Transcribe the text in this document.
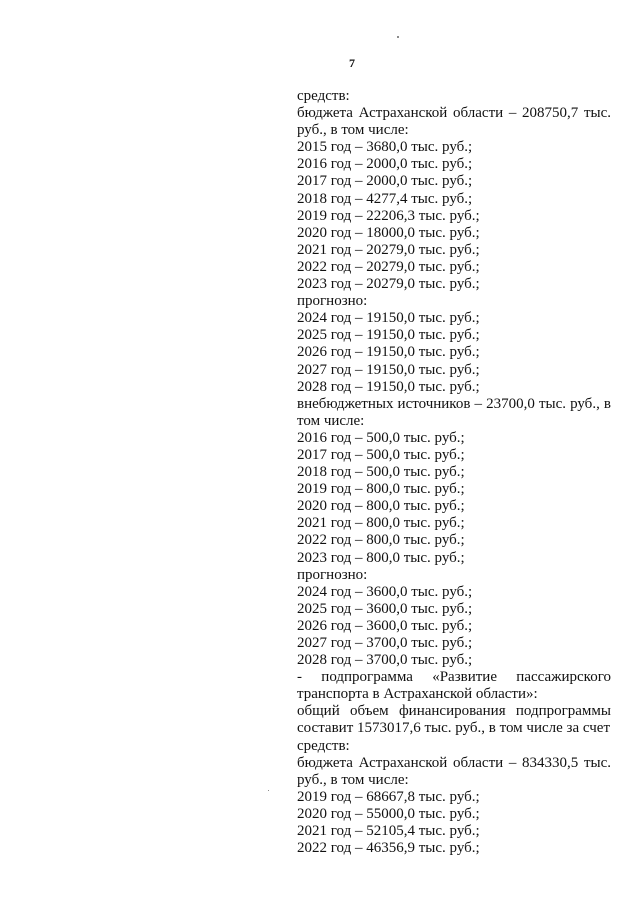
7
средств:
бюджета Астраханской области – 208750,7 тыс.
руб., в том числе:
2015 год – 3680,0 тыс. руб.;
2016 год – 2000,0 тыс. руб.;
2017 год – 2000,0 тыс. руб.;
2018 год – 4277,4 тыс. руб.;
2019 год – 22206,3 тыс. руб.;
2020 год – 18000,0 тыс. руб.;
2021 год – 20279,0 тыс. руб.;
2022 год – 20279,0 тыс. руб.;
2023 год – 20279,0 тыс. руб.;
прогнозно:
2024 год – 19150,0 тыс. руб.;
2025 год – 19150,0 тыс. руб.;
2026 год – 19150,0 тыс. руб.;
2027 год – 19150,0 тыс. руб.;
2028 год – 19150,0 тыс. руб.;
внебюджетных источников – 23700,0 тыс. руб., в
том числе:
2016 год – 500,0 тыс. руб.;
2017 год – 500,0 тыс. руб.;
2018 год – 500,0 тыс. руб.;
2019 год – 800,0 тыс. руб.;
2020 год – 800,0 тыс. руб.;
2021 год – 800,0 тыс. руб.;
2022 год – 800,0 тыс. руб.;
2023 год – 800,0 тыс. руб.;
прогнозно:
2024 год – 3600,0 тыс. руб.;
2025 год – 3600,0 тыс. руб.;
2026 год – 3600,0 тыс. руб.;
2027 год – 3700,0 тыс. руб.;
2028 год – 3700,0 тыс. руб.;
- подпрограмма «Развитие пассажирского
транспорта в Астраханской области»:
общий объем финансирования подпрограммы
составит 1573017,6 тыс. руб., в том числе за счет
средств:
бюджета Астраханской области – 834330,5 тыс.
руб., в том числе:
2019 год – 68667,8 тыс. руб.;
2020 год – 55000,0 тыс. руб.;
2021 год – 52105,4 тыс. руб.;
2022 год – 46356,9 тыс. руб.;
